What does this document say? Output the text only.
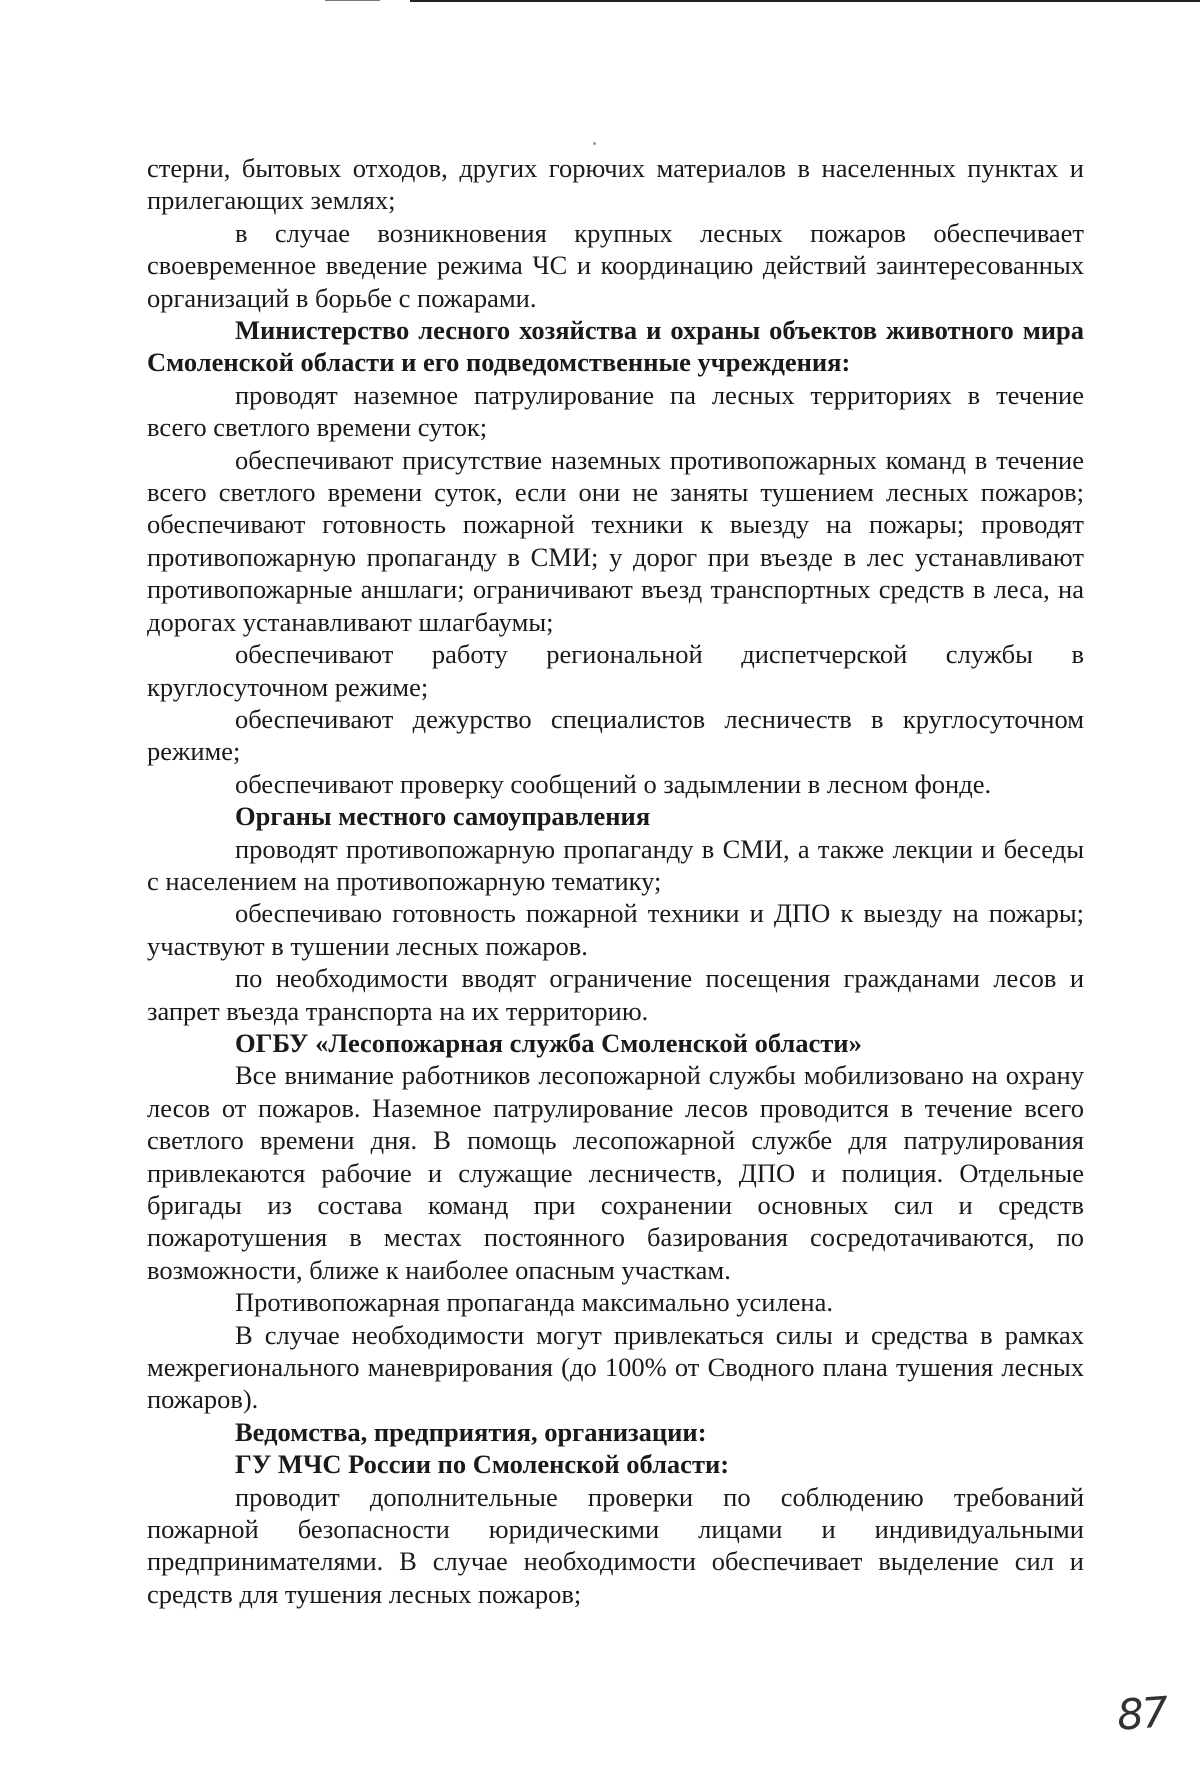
стерни, бытовых отходов, других горючих материалов в населенных пунктах и прилегающих землях;

в случае возникновения крупных лесных пожаров обеспечивает своевременное введение режима ЧС и координацию действий заинтересованных организаций в борьбе с пожарами.

Министерство лесного хозяйства и охраны объектов животного мира Смоленской области и его подведомственные учреждения:

проводят наземное патрулирование па лесных территориях в течение всего светлого времени суток;

обеспечивают присутствие наземных противопожарных команд в течение всего светлого времени суток, если они не заняты тушением лесных пожаров; обеспечивают готовность пожарной техники к выезду на пожары; проводят противопожарную пропаганду в СМИ; у дорог при въезде в лес устанавливают противопожарные аншлаги; ограничивают въезд транспортных средств в леса, на дорогах устанавливают шлагбаумы;

обеспечивают работу региональной диспетчерской службы в круглосуточном режиме;

обеспечивают дежурство специалистов лесничеств в круглосуточном режиме;

обеспечивают проверку сообщений о задымлении в лесном фонде.

Органы местного самоуправления

проводят противопожарную пропаганду в СМИ, а также лекции и беседы с населением на противопожарную тематику;

обеспечиваю готовность пожарной техники и ДПО к выезду на пожары; участвуют в тушении лесных пожаров.

по необходимости вводят ограничение посещения гражданами лесов и запрет въезда транспорта на их территорию.

ОГБУ «Лесопожарная служба Смоленской области»

Все внимание работников лесопожарной службы мобилизовано на охрану лесов от пожаров. Наземное патрулирование лесов проводится в течение всего светлого времени дня. В помощь лесопожарной службе для патрулирования привлекаются рабочие и служащие лесничеств, ДПО и полиция. Отдельные бригады из состава команд при сохранении основных сил и средств пожаротушения в местах постоянного базирования сосредотачиваются, по возможности, ближе к наиболее опасным участкам.

Противопожарная пропаганда максимально усилена.

В случае необходимости могут привлекаться силы и средства в рамках межрегионального маневрирования (до 100% от Сводного плана тушения лесных пожаров).

Ведомства, предприятия, организации:

ГУ МЧС России по Смоленской области:

проводит дополнительные проверки по соблюдению требований пожарной безопасности юридическими лицами и индивидуальными предпринимателями. В случае необходимости обеспечивает выделение сил и средств для тушения лесных пожаров;

87
